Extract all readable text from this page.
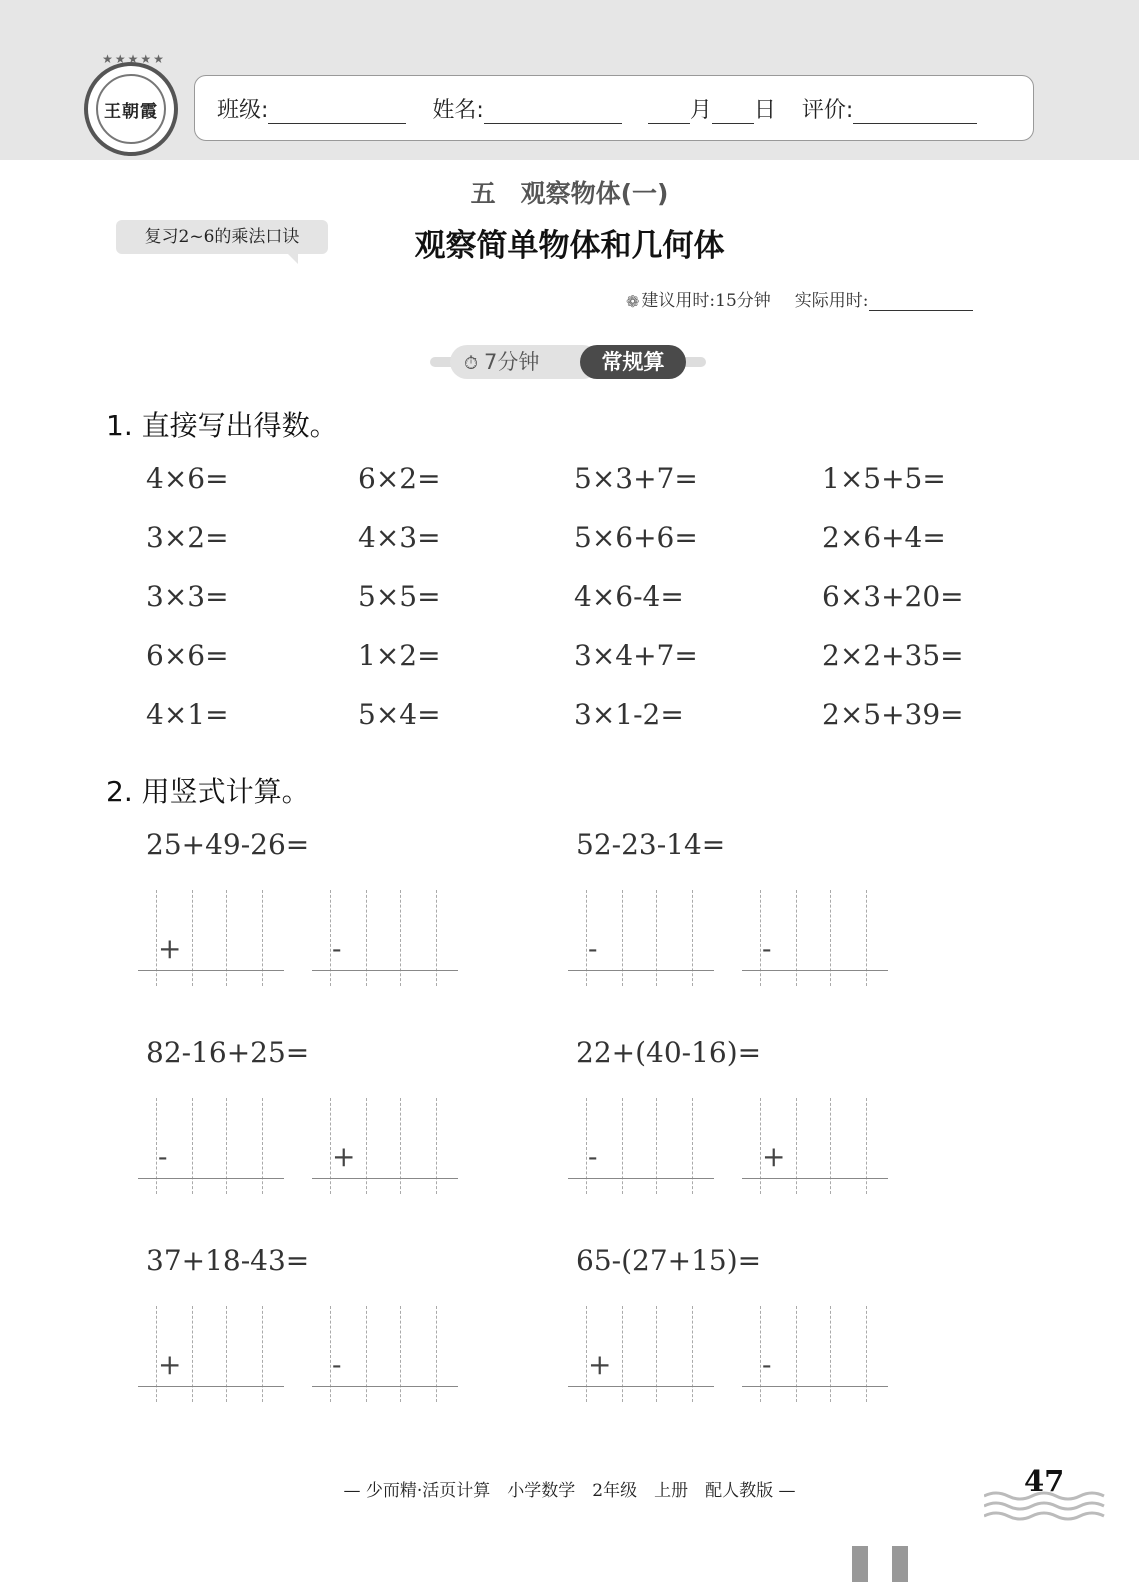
★★★★★
王朝霞	班级:	姓名:	月 日 评价:
五　观察物体(一)
复习2~6的乘法口诀	观察简单物体和几何体
❁ 建议用时:15分钟 实际用时:
⏱ 7分钟	常规算
1. 直接写出得数。
4×6=	6×2=	5×3+7=	1×5+5=
3×2=	4×3=	5×6+6=	2×6+4=
3×3=	5×5=	4×6-4=	6×3+20=
6×6=	1×2=	3×4+7=	2×2+35=
4×1=	5×4=	3×1-2=	2×5+39=
2. 用竖式计算。
25+49-26=
+	-
52-23-14=
-	-
82-16+25=
-	+
22+(40-16)=
-	+
37+18-43=
+	-
65-(27+15)=
+	-
— 少而精·活页计算　小学数学　2年级　上册　配人教版 —	47
